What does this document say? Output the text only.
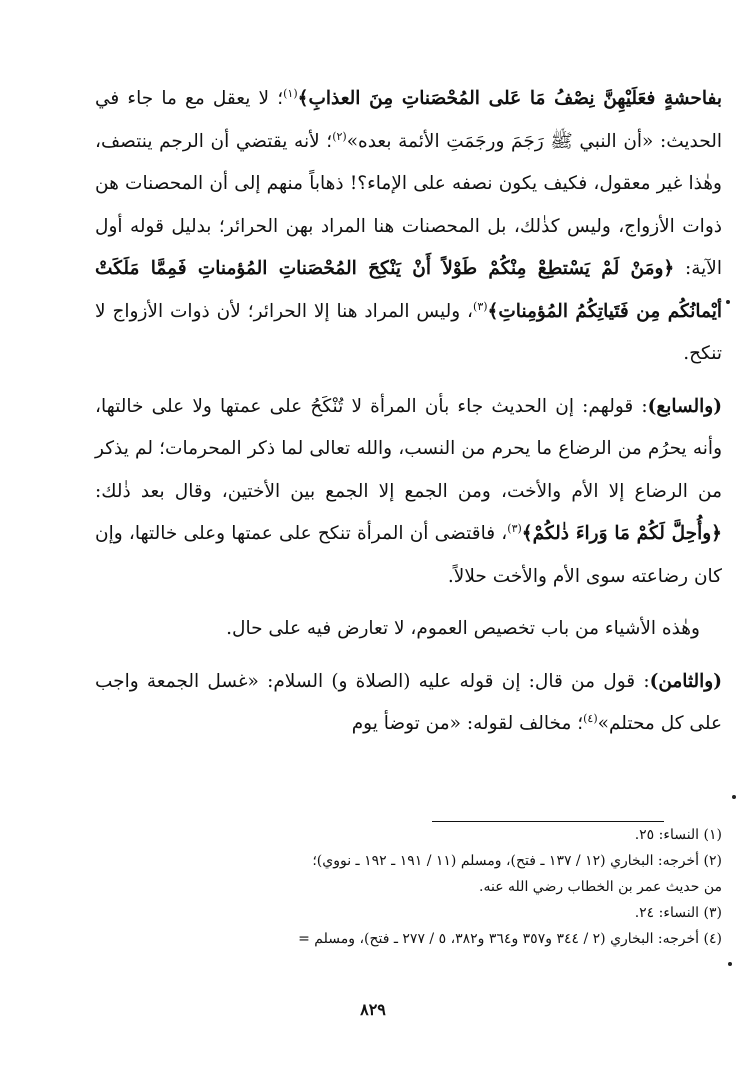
بفاحشةٍ فعَلَيْهِنَّ نِصْفُ مَا عَلى المُحْصَناتِ مِنَ العذابِ﴾$^{(١)}$؛ لا يعقل مع ما جاء في الحديث: «أن النبي ﷺ رَجَمَ ورجَمَتِ الأئمة بعده»$^{(٢)}$؛ لأنه يقتضي أن الرجم ينتصف، وهٰذا غير معقول، فكيف يكون نصفه على الإماء؟! ذهاباً منهم إلى أن المحصنات هن ذوات الأزواج، وليس كذٰلك، بل المحصنات هنا المراد بهن الحرائر؛ بدليل قوله أول الآية: ﴿ومَنْ لَمْ يَسْتطِعْ مِنْكُمْ طَوْلاً أَنْ يَنْكِحَ المُحْصَناتِ المُؤمناتِ فَمِمَّا مَلَكَتْ أيْمانُكُم مِن فَتَياتِكُمُ المُؤمِناتِ﴾$^{(٣)}$، وليس المراد هنا إلا الحرائر؛ لأن ذوات الأزواج لا تنكح.

(والسابع): قولهم: إن الحديث جاء بأن المرأة لا تُنْكَحُ على عمتها ولا على خالتها، وأنه يحرُم من الرضاع ما يحرم من النسب، والله تعالى لما ذكر المحرمات؛ لم يذكر من الرضاع إلا الأم والأخت، ومن الجمع إلا الجمع بين الأختين، وقال بعد ذٰلك: ﴿وأُحِلَّ لَكُمْ مَا وَراءَ ذٰلكُمْ﴾$^{(٣)}$، فاقتضى أن المرأة تنكح على عمتها وعلى خالتها، وإن كان رضاعته سوى الأم والأخت حلالاً.

وهٰذه الأشياء من باب تخصيص العموم، لا تعارض فيه على حال.

(والثامن): قول من قال: إن قوله عليه (الصلاة و) السلام: «غسل الجمعة واجب على كل محتلم»$^{(٤)}$؛ مخالف لقوله: «من توضأ يوم

(١) النساء: ٢٥.

(٢) أخرجه: البخاري (١٢ / ١٣٧ ـ فتح)، ومسلم (١١ / ١٩١ ـ ١٩٢ ـ نووي)؛

من حديث عمر بن الخطاب رضي الله عنه.

(٣) النساء: ٢٤.

(٤) أخرجه: البخاري (٢ / ٣٤٤ و٣٥٧ و٣٦٤ و٣٨٢، ٥ / ٢٧٧ ـ فتح)، ومسلم =

٨٢٩
